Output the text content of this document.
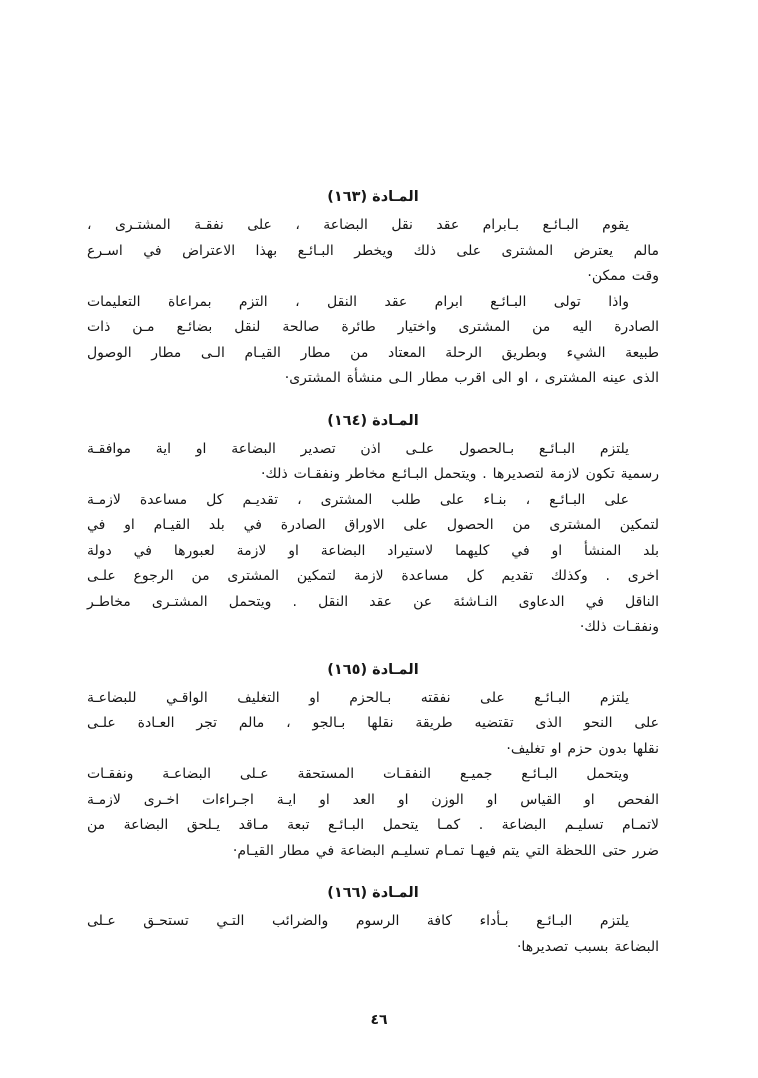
المـادة (١٦٣)
يقوم البـائـع بـابرام عقد نقل البضاعة ، على نفقـة المشتـرى ،
مالم يعترض المشترى على ذلك ويخطر البـائـع بهذا الاعتراض في اسـرع
وقت ممكن·
واذا تولى البـائـع ابرام عقد النقل ، التزم بمراعاة التعليمات
الصادرة اليه من المشترى واختيار طائرة صالحة لنقل بضائـع مـن ذات
طبيعة الشيء وبطريق الرحلة المعتاد من مطار القيـام الـى مطار الوصول
الذى عينه المشترى ، او الى اقرب مطار الـى منشأة المشترى·
المـادة (١٦٤)
يلتزم البـائـع بـالحصول علـى اذن تصدير البضاعة او اية موافقـة
رسمية تكون لازمة لتصديرها . ويتحمل البـائـع مخاطر ونفقـات ذلك·
على البـائـع ، بنـاء على طلب المشترى ، تقديـم كل مساعدة لازمـة
لتمكين المشترى من الحصول على الاوراق الصادرة في بلد القيـام او في
بلد المنشأ او في كليهما لاستيراد البضاعة او لازمة لعبورها في دولة
اخرى . وكذلك تقديم كل مساعدة لازمة لتمكين المشترى من الرجوع علـى
الناقل في الدعاوى النـاشئة عن عقد النقل . ويتحمل المشتـرى مخاطـر
ونفقـات ذلك·
المـادة (١٦٥)
يلتزم البـائـع على نفقته بـالحزم او التغليف الواقـي للبضاعـة
على النحو الذى تقتضيه طريقة نقلها بـالجو ، مالم تجر العـادة علـى
نقلها بدون حزم او تغليف·
ويتحمل البـائـع جميـع النفقـات المستحقة عـلى البضاعـة ونفقـات
الفحص او القياس او الوزن او العد او ايـة اجـراءات اخـرى لازمـة
لاتمـام تسليـم البضاعة . كمـا يتحمل البـائـع تبعة مـاقد يـلحق البضاعة من
ضرر حتى اللحظة التي يتم فيهـا تمـام تسليـم البضاعة في مطار القيـام·
المـادة (١٦٦)
يلتزم البـائـع بـأداء كافة الرسوم والضرائب التـي تستحـق عـلى
البضاعة بسبب تصديرها·
٤٦
